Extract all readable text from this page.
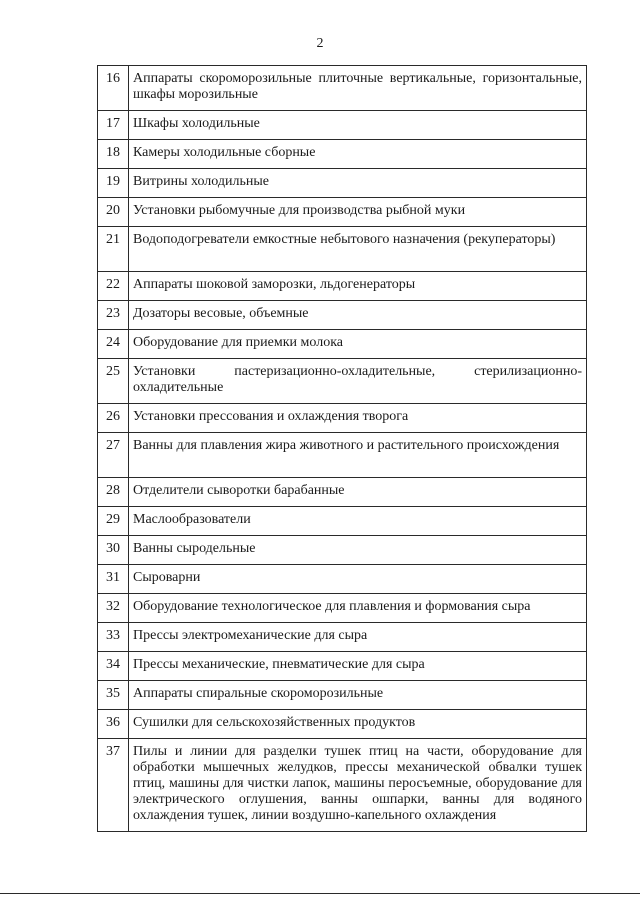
2
16	Аппараты скороморозильные плиточные вертикальные, горизонтальные, шкафы морозильные
17	Шкафы холодильные
18	Камеры холодильные сборные
19	Витрины холодильные
20	Установки рыбомучные для производства рыбной муки
21	Водоподогреватели емкостные небытового назначения (рекуператоры)
22	Аппараты шоковой заморозки, льдогенераторы
23	Дозаторы весовые, объемные
24	Оборудование для приемки молока
25	Установки пастеризационно-охладительные, стерилизационно-охладительные
26	Установки прессования и охлаждения творога
27	Ванны для плавления жира животного и растительного происхождения
28	Отделители сыворотки барабанные
29	Маслообразователи
30	Ванны сыродельные
31	Сыроварни
32	Оборудование технологическое для плавления и формования сыра
33	Прессы электромеханические для сыра
34	Прессы механические, пневматические для сыра
35	Аппараты спиральные скороморозильные
36	Сушилки для сельскохозяйственных продуктов
37	Пилы и линии для разделки тушек птиц на части, оборудование для обработки мышечных желудков, прессы механической обвалки тушек птиц, машины для чистки лапок, машины перосъемные, оборудование для электрического оглушения, ванны ошпарки, ванны для водяного охлаждения тушек, линии воздушно-капельного охлаждения
